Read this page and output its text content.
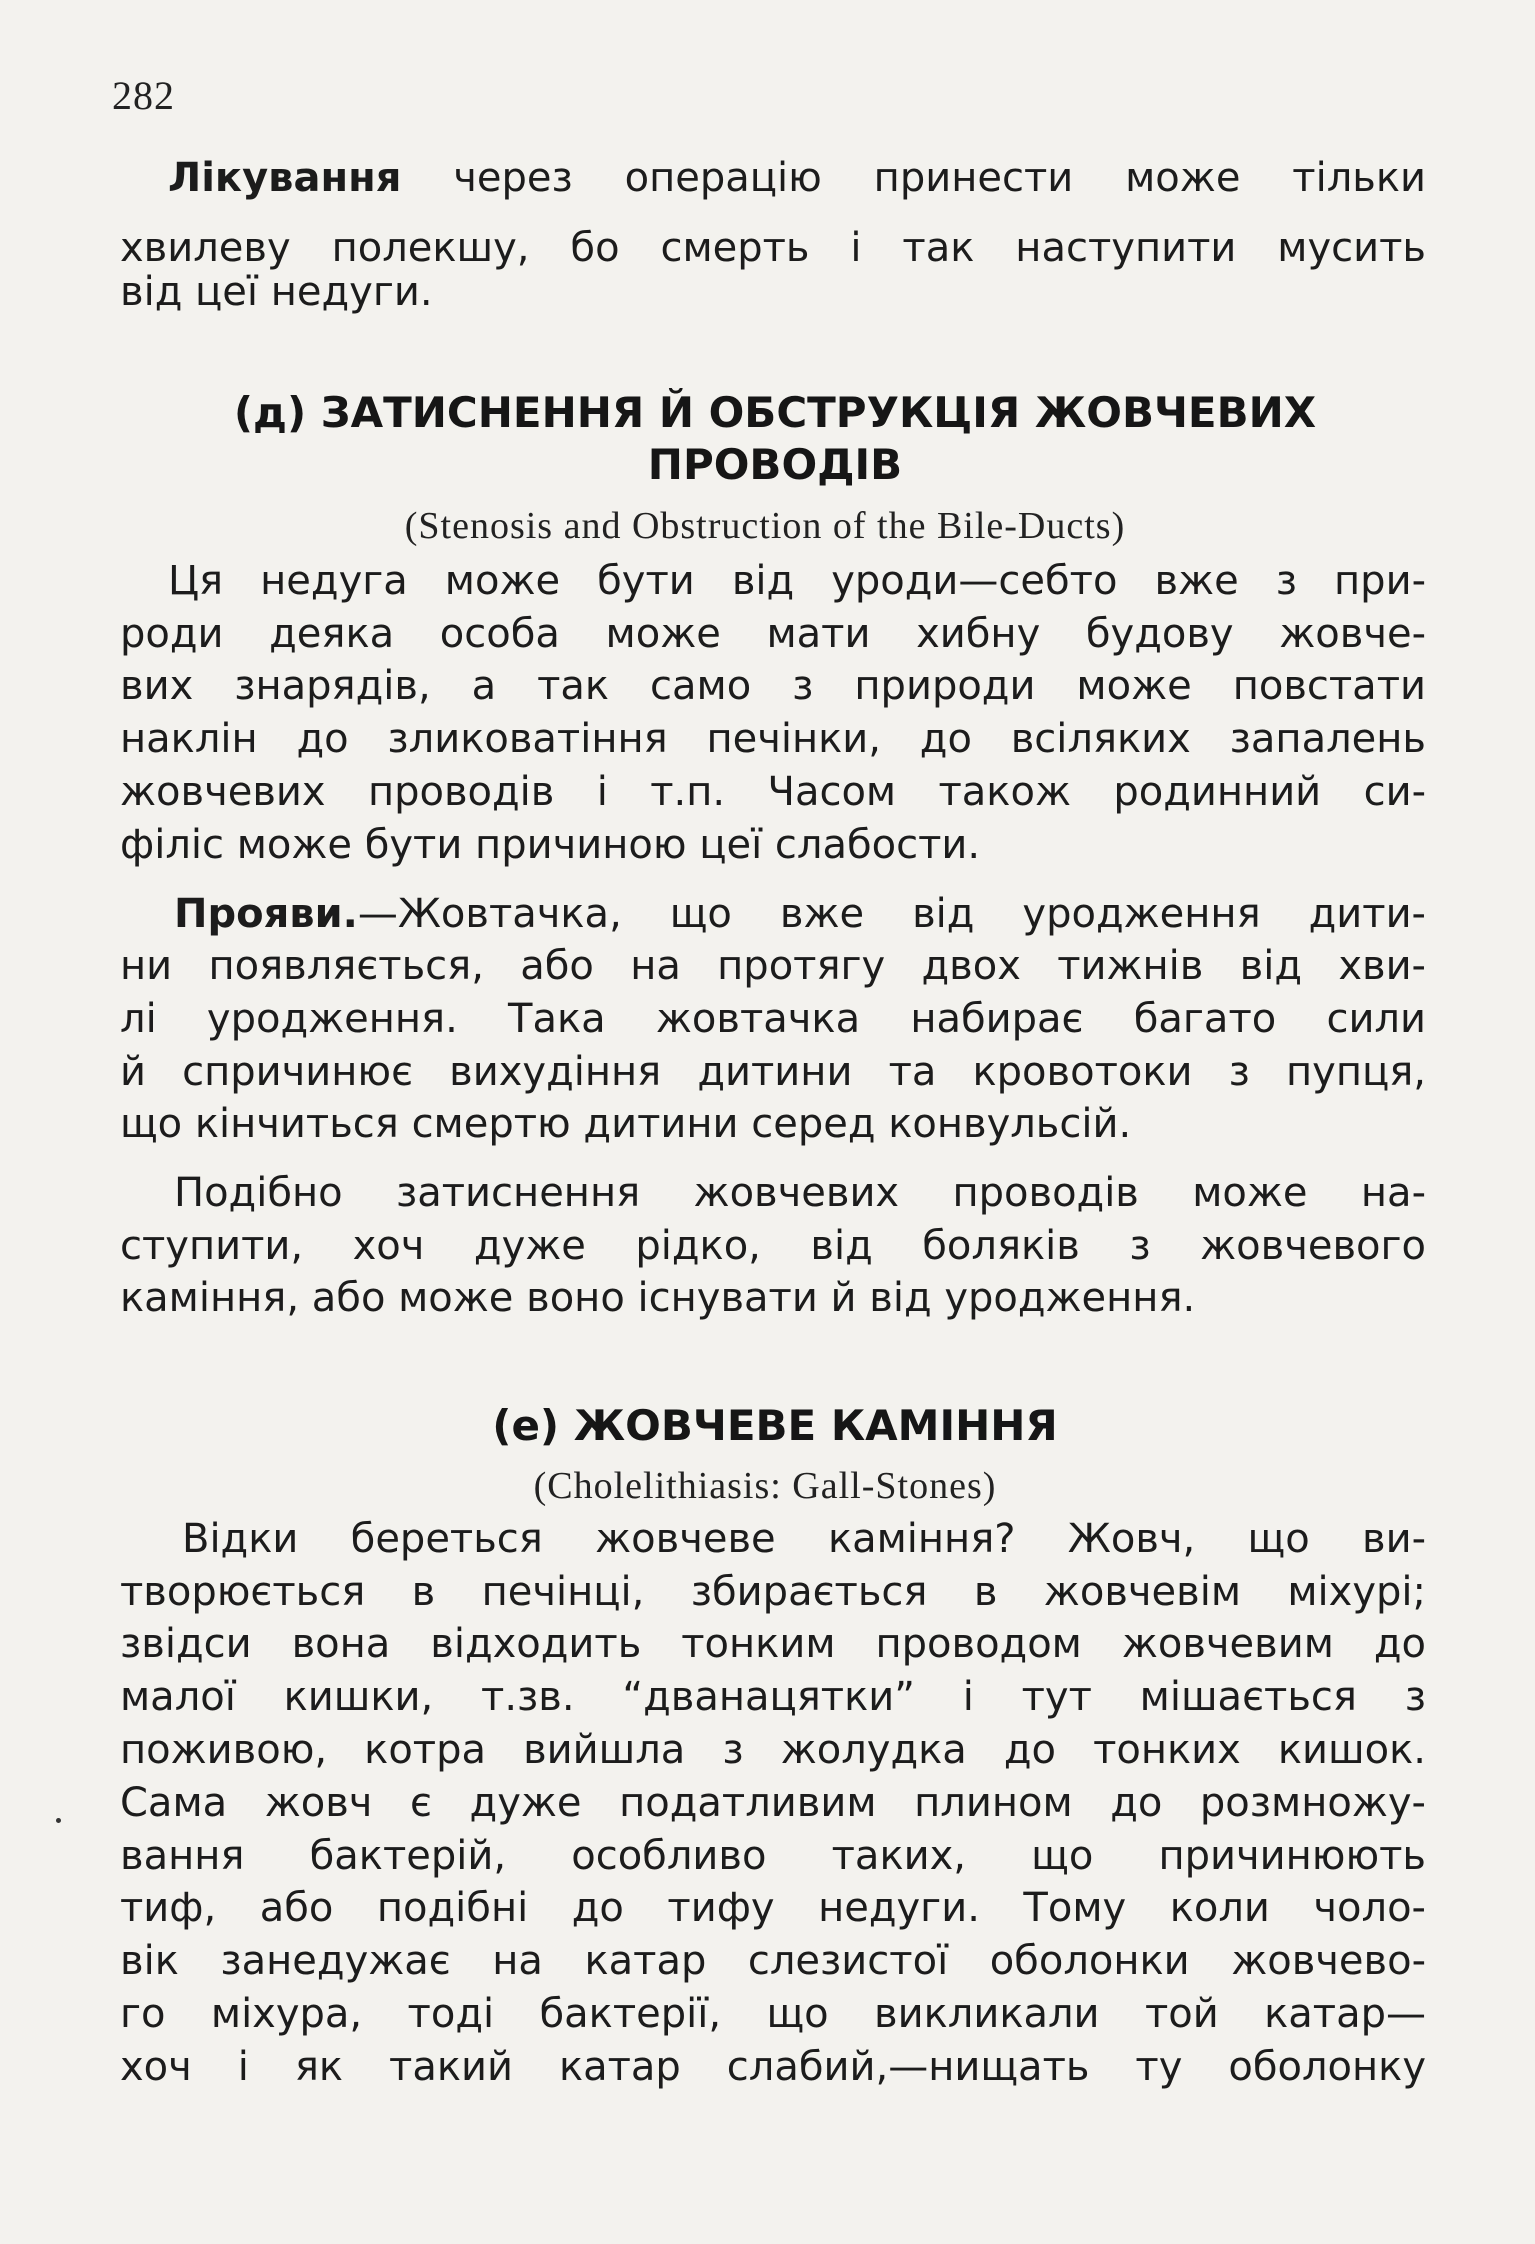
282
Лікування через операцію принести може тільки
хвилеву полекшу, бо смерть і так наступити мусить
від цеї недуги.
(д) ЗАТИСНЕННЯ Й ОБСТРУКЦІЯ ЖОВЧЕВИХ
ПРОВОДІВ
(Stenosis and Obstruction of the Bile-Ducts)
Ця недуга може бути від уроди—себто вже з при-
роди деяка особа може мати хибну будову жовче-
вих знарядів, а так само з природи може повстати
наклін до зликоватіння печінки, до всіляких запалень
жовчевих проводів і т.п. Часом також родинний си-
філіс може бути причиною цеї слабости.
Прояви.—Жовтачка, що вже від уродження дити-
ни появляється, або на протягу двох тижнів від хви-
лі уродження. Така жовтачка набирає багато сили
й спричинює вихудіння дитини та кровотоки з пупця,
що кінчиться смертю дитини серед конвульсій.
Подібно затиснення жовчевих проводів може на-
ступити, хоч дуже рідко, від боляків з жовчевого
каміння, або може воно існувати й від уродження.
(е) ЖОВЧЕВЕ КАМІННЯ
(Cholelithiasis: Gall-Stones)
Відки береться жовчеве каміння? Жовч, що ви-
творюється в печінці, збирається в жовчевім міхурі;
звідси вона відходить тонким проводом жовчевим до
малої кишки, т.зв. “дванацятки” і тут мішається з
поживою, котра вийшла з жолудка до тонких кишок.
Сама жовч є дуже податливим плином до розмножу-
вання бактерій, особливо таких, що причинюють
тиф, або подібні до тифу недуги. Тому коли чоло-
вік занедужає на катар слезистої оболонки жовчево-
го міхура, тоді бактерії, що викликали той катар—
хоч і як такий катар слабий,—нищать ту оболонку
